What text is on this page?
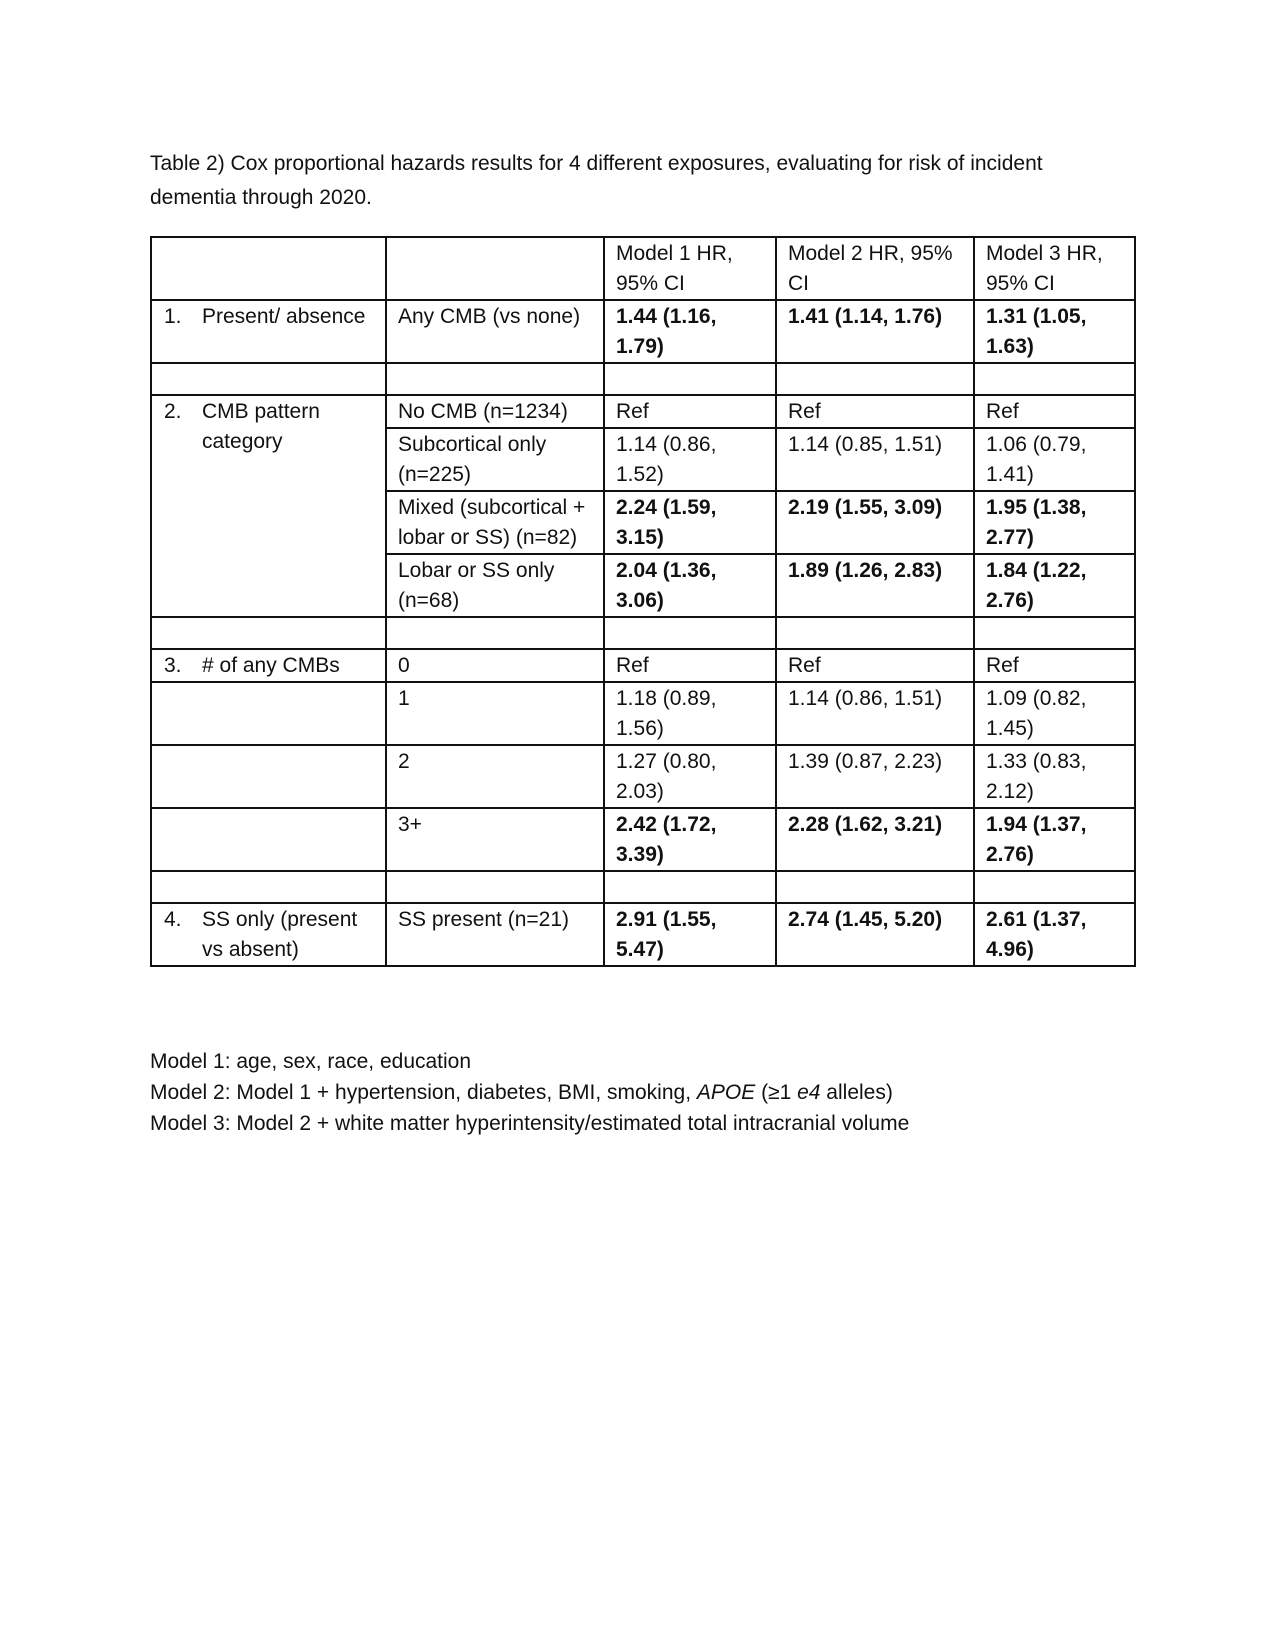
Table 2) Cox proportional hazards results for 4 different exposures, evaluating for risk of incident dementia through 2020.
		Model 1 HR, 95% CI	Model 2 HR, 95% CI	Model 3 HR, 95% CI

1. Present/ absence	Any CMB (vs none)	1.44 (1.16, 1.79)	1.41 (1.14, 1.76)	1.31 (1.05, 1.63)

2. CMB pattern category	No CMB (n=1234)	Ref	Ref	Ref
	Subcortical only (n=225)	1.14 (0.86, 1.52)	1.14 (0.85, 1.51)	1.06 (0.79, 1.41)
	Mixed (subcortical + lobar or SS) (n=82)	2.24 (1.59, 3.15)	2.19 (1.55, 3.09)	1.95 (1.38, 2.77)
	Lobar or SS only (n=68)	2.04 (1.36, 3.06)	1.89 (1.26, 2.83)	1.84 (1.22, 2.76)

3. # of any CMBs	0	Ref	Ref	Ref
	1	1.18 (0.89, 1.56)	1.14 (0.86, 1.51)	1.09 (0.82, 1.45)
	2	1.27 (0.80, 2.03)	1.39 (0.87, 2.23)	1.33 (0.83, 2.12)
	3+	2.42 (1.72, 3.39)	2.28 (1.62, 3.21)	1.94 (1.37, 2.76)

4. SS only (present vs absent)	SS present (n=21)	2.91 (1.55, 5.47)	2.74 (1.45, 5.20)	2.61 (1.37, 4.96)

Model 1: age, sex, race, education

Model 2: Model 1 + hypertension, diabetes, BMI, smoking, APOE (≥1 e4 alleles)

Model 3: Model 2 + white matter hyperintensity/estimated total intracranial volume
